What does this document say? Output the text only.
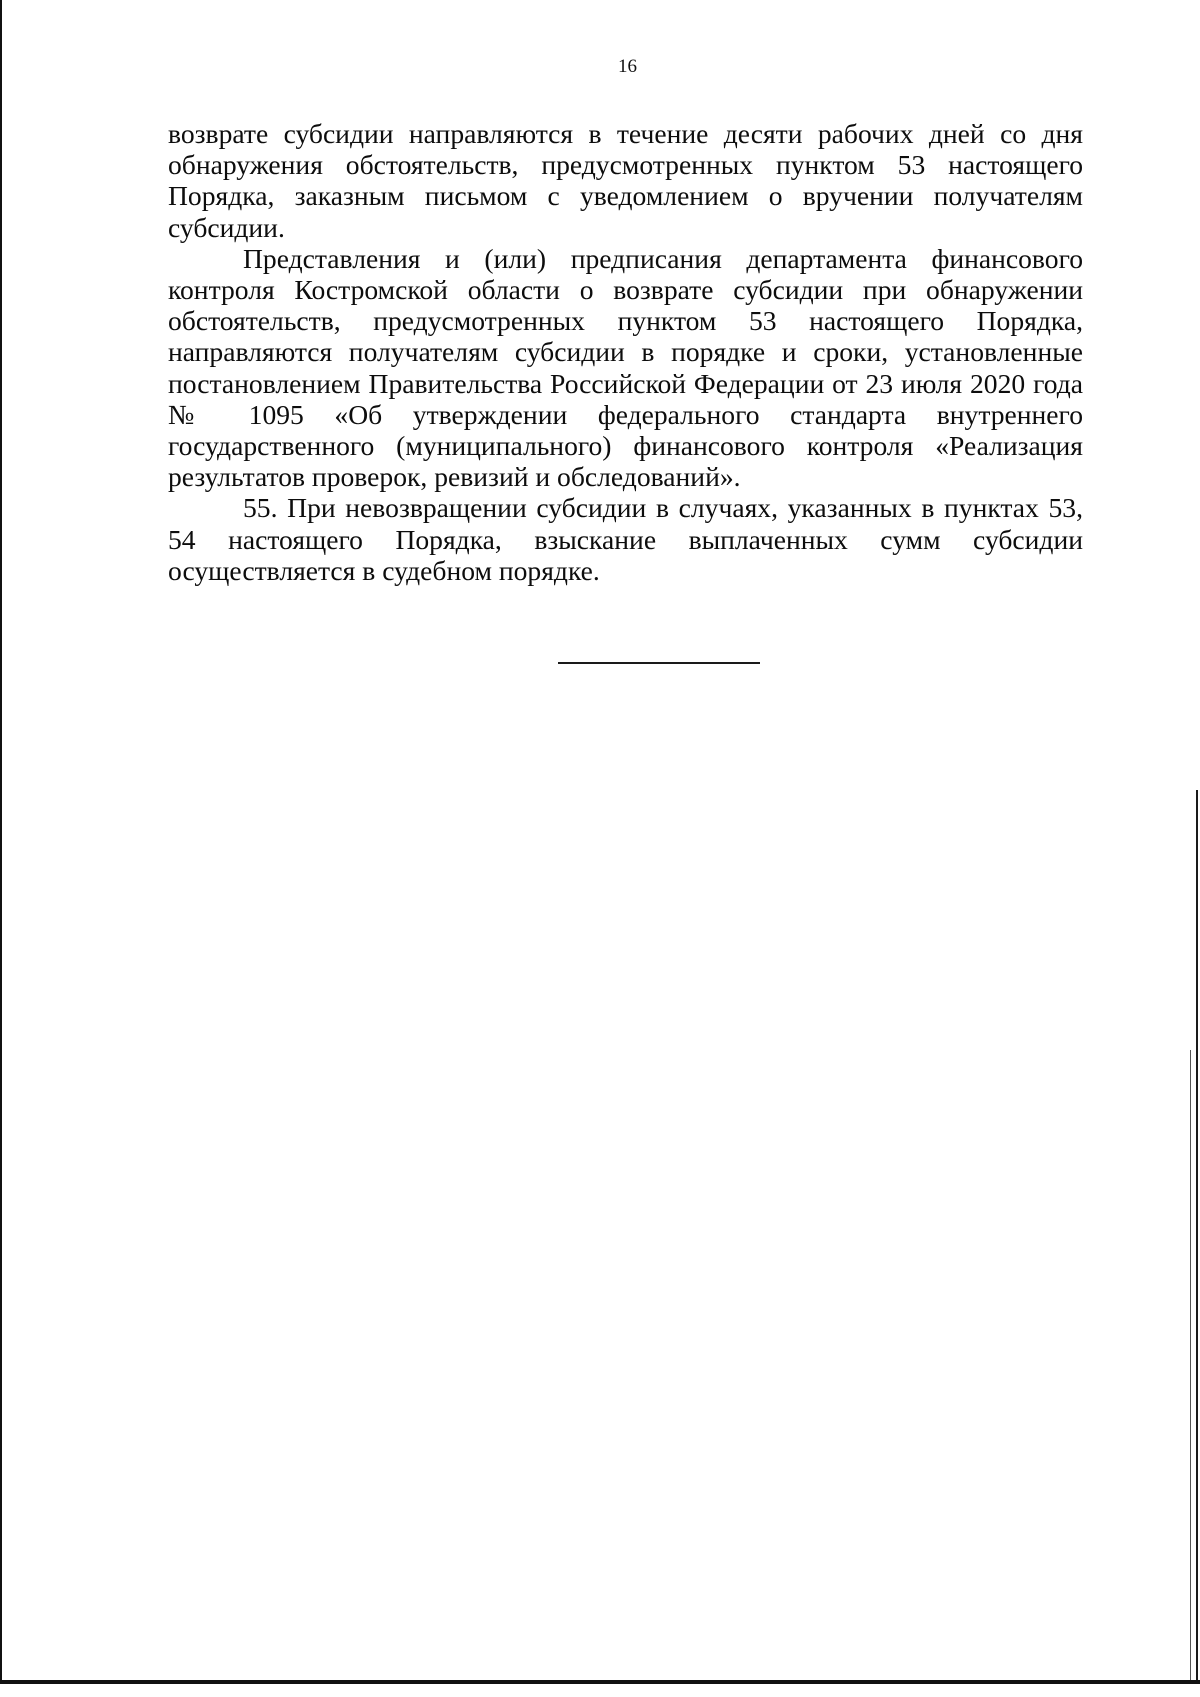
16

возврате субсидии направляются в течение десяти рабочих дней со дня обнаружения обстоятельств, предусмотренных пунктом 53 настоящего Порядка, заказным письмом с уведомлением о вручении получателям субсидии.

Представления и (или) предписания департамента финансового контроля Костромской области о возврате субсидии при обнаружении обстоятельств, предусмотренных пунктом 53 настоящего Порядка, направляются получателям субсидии в порядке и сроки, установленные постановлением Правительства Российской Федерации от 23 июля 2020 года № 1095 «Об утверждении федерального стандарта внутреннего государственного (муниципального) финансового контроля «Реализация результатов проверок, ревизий и обследований».

55. При невозвращении субсидии в случаях, указанных в пунктах 53, 54 настоящего Порядка, взыскание выплаченных сумм субсидии осуществляется в судебном порядке.
